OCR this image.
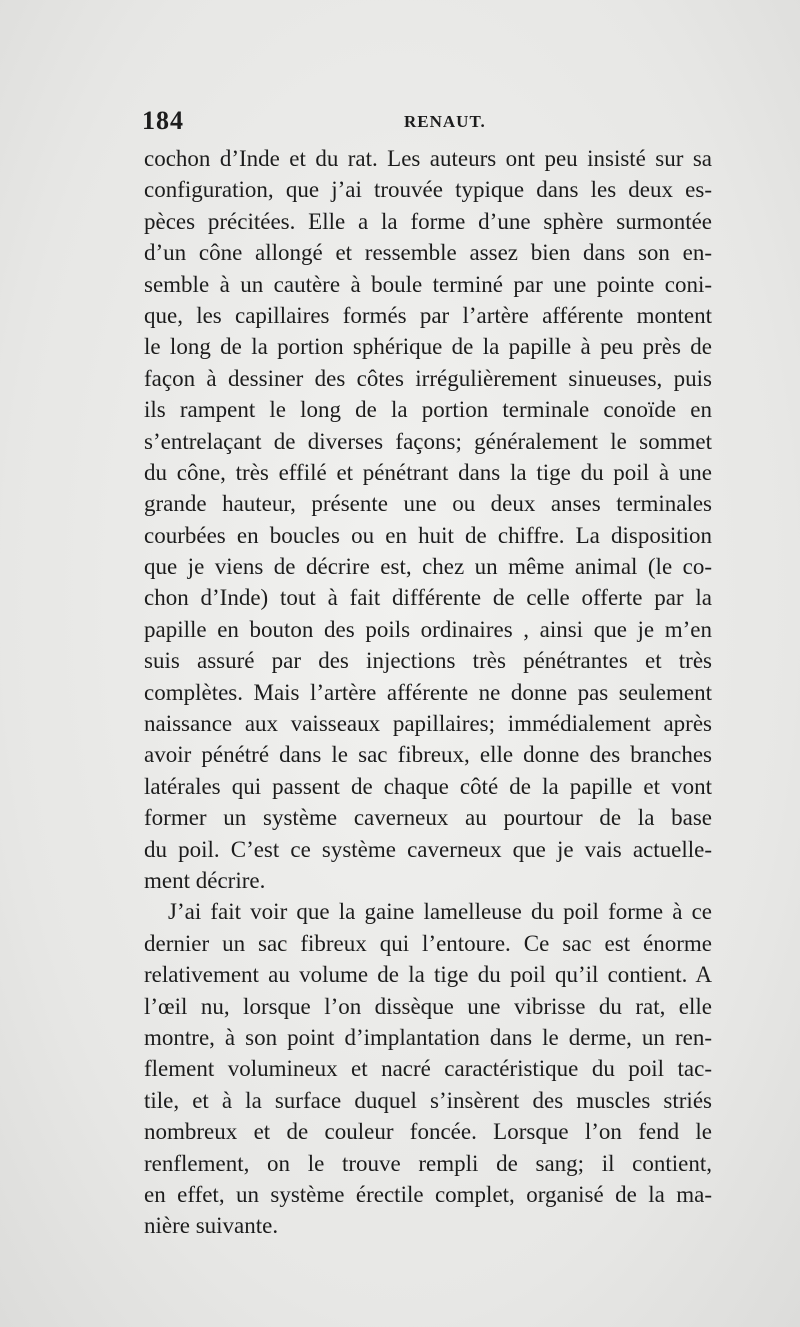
184	RENAUT.
cochon d’Inde et du rat. Les auteurs ont peu insisté sur sa
configuration, que j’ai trouvée typique dans les deux es-
pèces précitées. Elle a la forme d’une sphère surmontée
d’un cône allongé et ressemble assez bien dans son en-
semble à un cautère à boule terminé par une pointe coni-
que, les capillaires formés par l’artère afférente montent
le long de la portion sphérique de la papille à peu près de
façon à dessiner des côtes irrégulièrement sinueuses, puis
ils rampent le long de la portion terminale conoïde en
s’entrelaçant de diverses façons; généralement le sommet
du cône, très effilé et pénétrant dans la tige du poil à une
grande hauteur, présente une ou deux anses terminales
courbées en boucles ou en huit de chiffre. La disposition
que je viens de décrire est, chez un même animal (le co-
chon d’Inde) tout à fait différente de celle offerte par la
papille en bouton des poils ordinaires , ainsi que je m’en
suis assuré par des injections très pénétrantes et très
complètes. Mais l’artère afférente ne donne pas seulement
naissance aux vaisseaux papillaires; immédialement après
avoir pénétré dans le sac fibreux, elle donne des branches
latérales qui passent de chaque côté de la papille et vont
former un système caverneux au pourtour de la base
du poil. C’est ce système caverneux que je vais actuelle-
ment décrire.
J’ai fait voir que la gaine lamelleuse du poil forme à ce
dernier un sac fibreux qui l’entoure. Ce sac est énorme
relativement au volume de la tige du poil qu’il contient. A
l’œil nu, lorsque l’on dissèque une vibrisse du rat, elle
montre, à son point d’implantation dans le derme, un ren-
flement volumineux et nacré caractéristique du poil tac-
tile, et à la surface duquel s’insèrent des muscles striés
nombreux et de couleur foncée. Lorsque l’on fend le
renflement, on le trouve rempli de sang; il contient,
en effet, un système érectile complet, organisé de la ma-
nière suivante.
